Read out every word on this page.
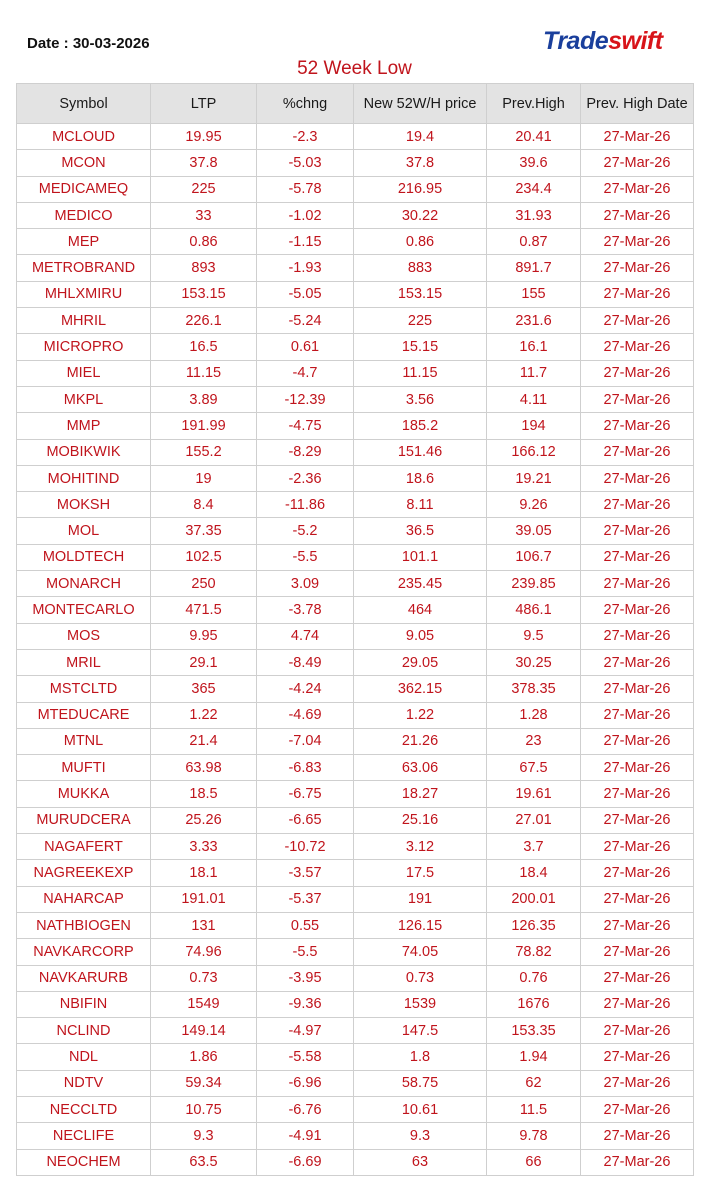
Date : 30-03-2026	Tradeswift
52 Week Low
Symbol	LTP	%chng	New 52W/H price	Prev.High	Prev. High Date
MCLOUD	19.95	-2.3	19.4	20.41	27-Mar-26
MCON	37.8	-5.03	37.8	39.6	27-Mar-26
MEDICAMEQ	225	-5.78	216.95	234.4	27-Mar-26
MEDICO	33	-1.02	30.22	31.93	27-Mar-26
MEP	0.86	-1.15	0.86	0.87	27-Mar-26
METROBRAND	893	-1.93	883	891.7	27-Mar-26
MHLXMIRU	153.15	-5.05	153.15	155	27-Mar-26
MHRIL	226.1	-5.24	225	231.6	27-Mar-26
MICROPRO	16.5	0.61	15.15	16.1	27-Mar-26
MIEL	11.15	-4.7	11.15	11.7	27-Mar-26
MKPL	3.89	-12.39	3.56	4.11	27-Mar-26
MMP	191.99	-4.75	185.2	194	27-Mar-26
MOBIKWIK	155.2	-8.29	151.46	166.12	27-Mar-26
MOHITIND	19	-2.36	18.6	19.21	27-Mar-26
MOKSH	8.4	-11.86	8.11	9.26	27-Mar-26
MOL	37.35	-5.2	36.5	39.05	27-Mar-26
MOLDTECH	102.5	-5.5	101.1	106.7	27-Mar-26
MONARCH	250	3.09	235.45	239.85	27-Mar-26
MONTECARLO	471.5	-3.78	464	486.1	27-Mar-26
MOS	9.95	4.74	9.05	9.5	27-Mar-26
MRIL	29.1	-8.49	29.05	30.25	27-Mar-26
MSTCLTD	365	-4.24	362.15	378.35	27-Mar-26
MTEDUCARE	1.22	-4.69	1.22	1.28	27-Mar-26
MTNL	21.4	-7.04	21.26	23	27-Mar-26
MUFTI	63.98	-6.83	63.06	67.5	27-Mar-26
MUKKA	18.5	-6.75	18.27	19.61	27-Mar-26
MURUDCERA	25.26	-6.65	25.16	27.01	27-Mar-26
NAGAFERT	3.33	-10.72	3.12	3.7	27-Mar-26
NAGREEKEXP	18.1	-3.57	17.5	18.4	27-Mar-26
NAHARCAP	191.01	-5.37	191	200.01	27-Mar-26
NATHBIOGEN	131	0.55	126.15	126.35	27-Mar-26
NAVKARCORP	74.96	-5.5	74.05	78.82	27-Mar-26
NAVKARURB	0.73	-3.95	0.73	0.76	27-Mar-26
NBIFIN	1549	-9.36	1539	1676	27-Mar-26
NCLIND	149.14	-4.97	147.5	153.35	27-Mar-26
NDL	1.86	-5.58	1.8	1.94	27-Mar-26
NDTV	59.34	-6.96	58.75	62	27-Mar-26
NECCLTD	10.75	-6.76	10.61	11.5	27-Mar-26
NECLIFE	9.3	-4.91	9.3	9.78	27-Mar-26
NEOCHEM	63.5	-6.69	63	66	27-Mar-26
